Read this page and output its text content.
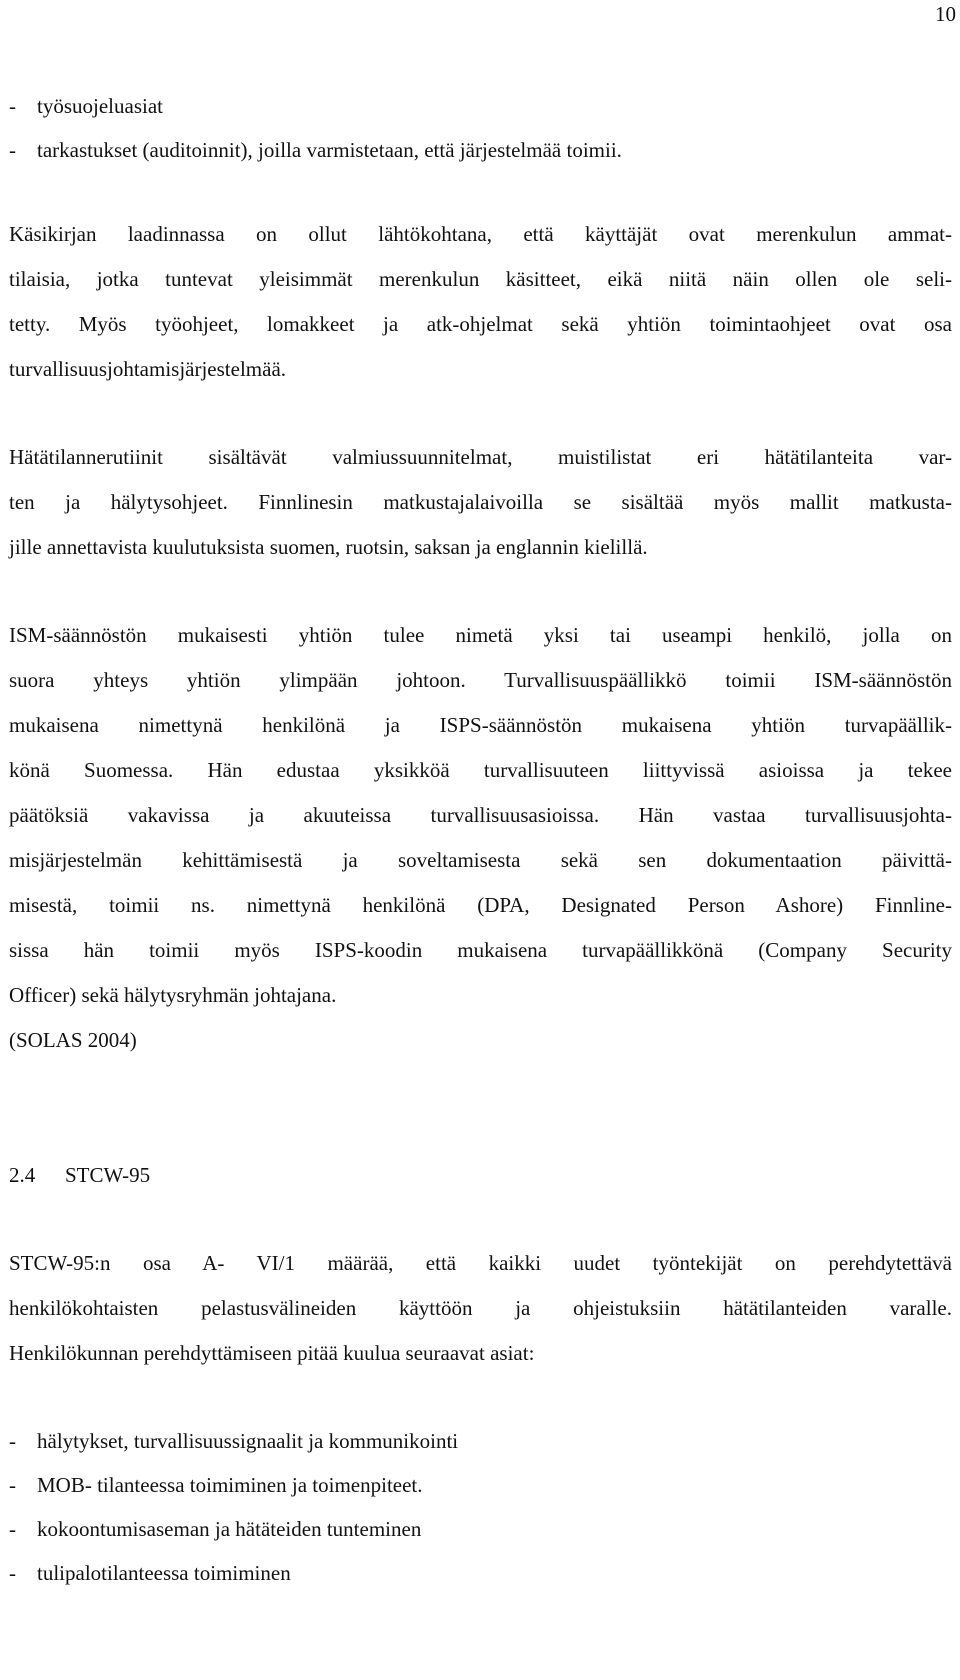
10
- työsuojeluasiat
- tarkastukset (auditoinnit), joilla varmistetaan, että järjestelmää toimii.
Käsikirjan laadinnassa on ollut lähtökohtana, että käyttäjät ovat merenkulun ammat-
tilaisia, jotka tuntevat yleisimmät merenkulun käsitteet, eikä niitä näin ollen ole seli-
tetty. Myös työohjeet, lomakkeet ja atk-ohjelmat sekä yhtiön toimintaohjeet ovat osa
turvallisuusjohtamisjärjestelmää.
Hätätilannerutiinit sisältävät valmiussuunnitelmat, muistilistat eri hätätilanteita var-
ten ja hälytysohjeet. Finnlinesin matkustajalaivoilla se sisältää myös mallit matkusta-
jille annettavista kuulutuksista suomen, ruotsin, saksan ja englannin kielillä.
ISM-säännöstön mukaisesti yhtiön tulee nimetä yksi tai useampi henkilö, jolla on
suora yhteys yhtiön ylimpään johtoon. Turvallisuuspäällikkö toimii ISM-säännöstön
mukaisena nimettynä henkilönä ja ISPS-säännöstön mukaisena yhtiön turvapäällik-
könä Suomessa. Hän edustaa yksikköä turvallisuuteen liittyvissä asioissa ja tekee
päätöksiä vakavissa ja akuuteissa turvallisuusasioissa. Hän vastaa turvallisuusjohta-
misjärjestelmän kehittämisestä ja soveltamisesta sekä sen dokumentaation päivittä-
misestä, toimii ns. nimettynä henkilönä (DPA, Designated Person Ashore) Finnline-
sissa hän toimii myös ISPS-koodin mukaisena turvapäällikkönä (Company Security
Officer) sekä hälytysryhmän johtajana.
(SOLAS 2004)
2.4 STCW-95
STCW-95:n osa A- VI/1 määrää, että kaikki uudet työntekijät on perehdytettävä
henkilökohtaisten pelastusvälineiden käyttöön ja ohjeistuksiin hätätilanteiden varalle.
Henkilökunnan perehdyttämiseen pitää kuulua seuraavat asiat:
- hälytykset, turvallisuussignaalit ja kommunikointi
- MOB- tilanteessa toimiminen ja toimenpiteet.
- kokoontumisaseman ja hätäteiden tunteminen
- tulipalotilanteessa toimiminen
